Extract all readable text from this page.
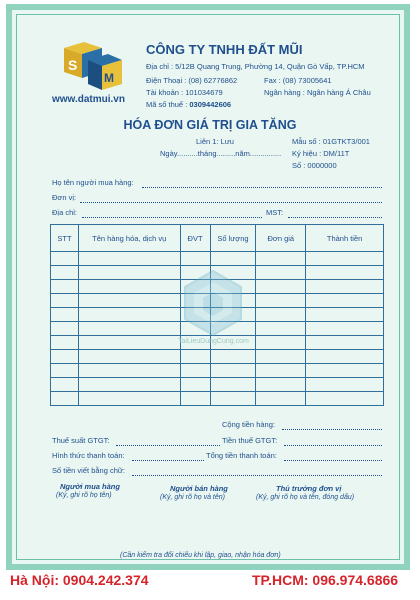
S
M
www.datmui.vn
CÔNG TY TNHH ĐẤT MŨI
Địa chỉ : 5/12B Quang Trung, Phường 14, Quận Gò Vấp, TP.HCM
Điện Thoại : (08) 62776862	Fax : (08) 73005641
Tài khoản : 101034679	Ngân hàng : Ngân hàng Á Châu
Mã số thuế : 0309442606
HÓA ĐƠN GIÁ TRỊ GIA TĂNG
Liên 1: Lưu
Ngày..........tháng.........năm...............
Mẫu số : 01GTKT3/001
Ký hiệu : DM/11T
Số : 0000000
Họ tên người mua hàng:
Đơn vị:
Địa chỉ:	MST:
STT	Tên hàng hóa, dịch vụ	ĐVT	Số lượng	Đơn giá	Thành tiền

TaiLieuDungCung.com
Cộng tiền hàng:
Thuế suất GTGT:	Tiền thuế GTGT:
Hình thức thanh toán:	Tổng tiền thanh toán:
Số tiền viết bằng chữ:
Người mua hàng
(Ký, ghi rõ họ tên)
Người bán hàng
(Ký, ghi rõ họ và tên)
Thủ trưởng đơn vị
(Ký, ghi rõ họ và tên, đóng dấu)
(Cần kiểm tra đối chiếu khi lập, giao, nhận hóa đơn)
Hà Nội: 0904.242.374	TP.HCM: 096.974.6866
